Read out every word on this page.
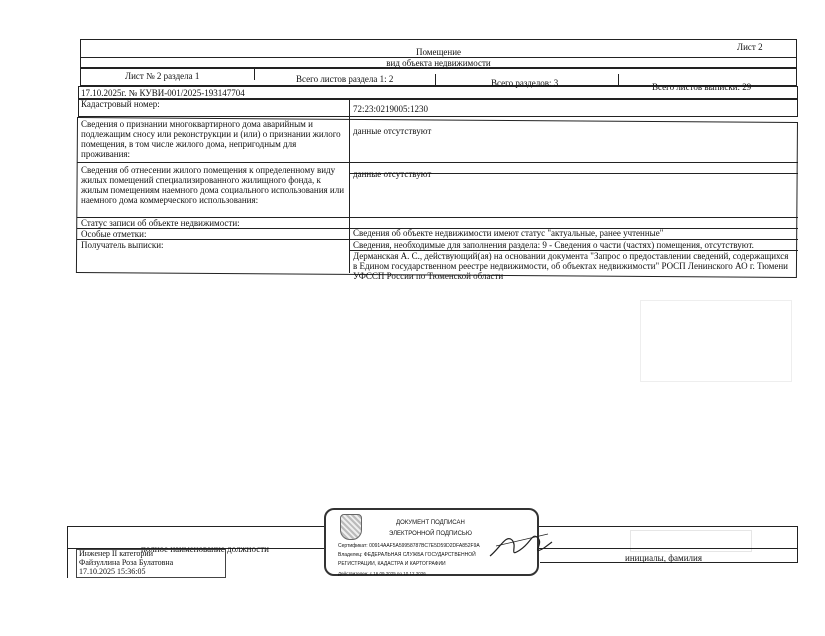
Лист 2
Помещение
вид объекта недвижимости
Лист № 2 раздела 1	Всего листов раздела 1: 2	Всего разделов: 3	Всего листов выписки: 29
17.10.2025г. № КУВИ-001/2025-193147704
Кадастровый номер:	72:23:0219005:1230
Сведения о признании многоквартирного дома аварийным и подлежащим сносу или реконструкции и (или) о признании жилого помещения, в том числе жилого дома, непригодным для проживания:
данные отсутствуют
Сведения об отнесении жилого помещения к определенному виду жилых помещений специализированного жилищного фонда, к жилым помещениям наемного дома социального использования или наемного дома коммерческого использования:
данные отсутствуют
Статус записи об объекте недвижимости:
Сведения об объекте недвижимости имеют статус "актуальные, ранее учтенные"
Особые отметки:
Сведения, необходимые для заполнения раздела: 9 - Сведения о части (частях) помещения, отсутствуют.
Получатель выписки:
Дерманская А. С., действующий(ая) на основании документа "Запрос о предоставлении сведений, содержащихся в Едином государственном реестре недвижимости, об объектах недвижимости" РОСП Ленинского АО г. Тюмени УФССП России по Тюменской области
полное наименование должности
инициалы, фамилия
Инженер II категории
Файзуллина Роза Булатовна
17.10.2025 15:36:05
ДОКУМЕНТ ПОДПИСАН
ЭЛЕКТРОННОЙ ПОДПИСЬЮ
Сертификат: 00914AAF5A59958787BC7E5D59D2DFA852F9A
Владелец: ФЕДЕРАЛЬНАЯ СЛУЖБА ГОСУДАРСТВЕННОЙ
РЕГИСТРАЦИИ, КАДАСТРА И КАРТОГРАФИИ
Действителен: с 16.09.2025 по 10.12.2026
